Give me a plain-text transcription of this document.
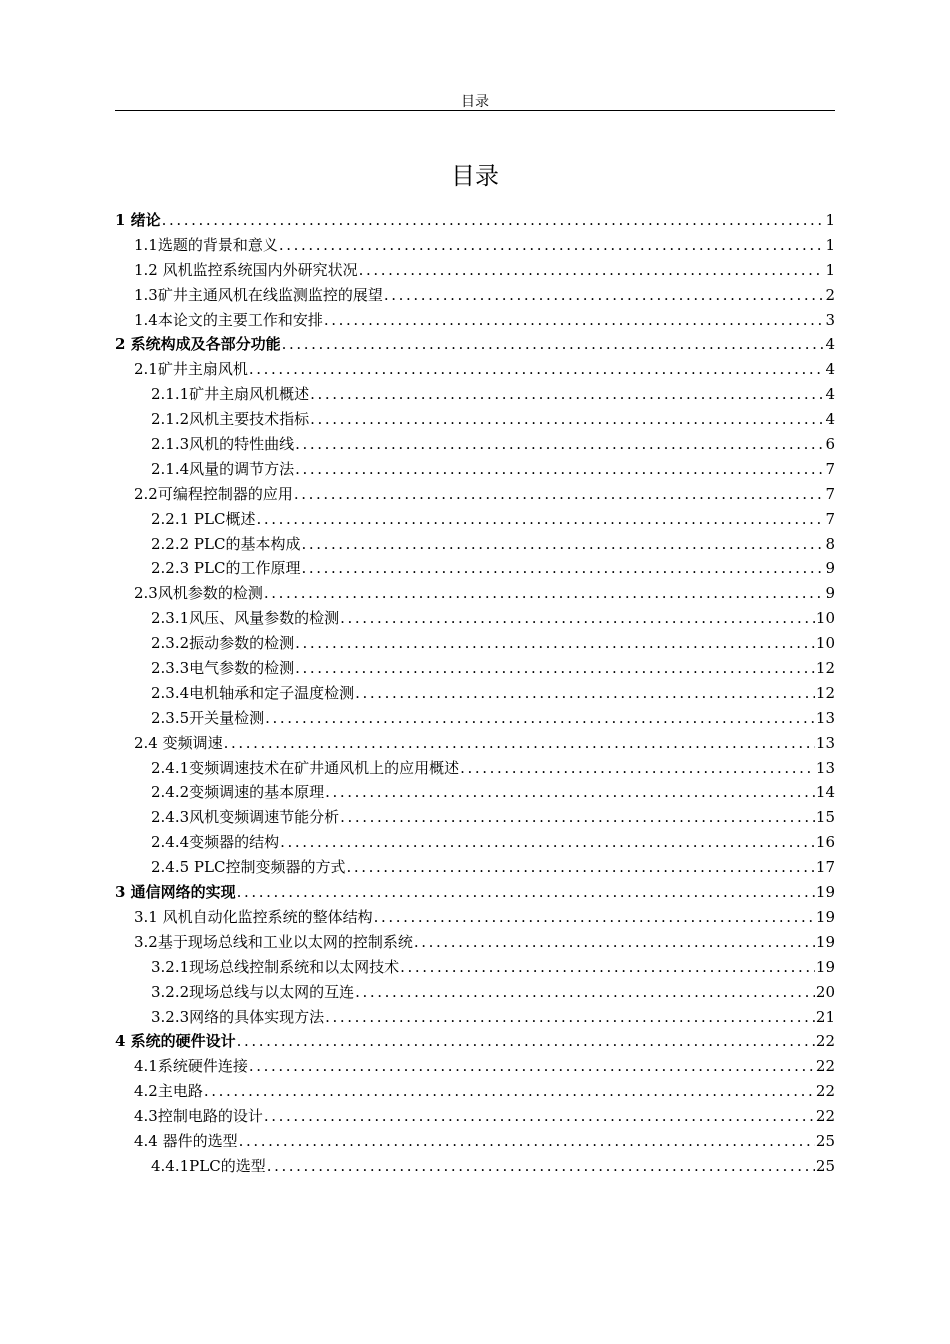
目录
目录
1 绪论 .....	1
1.1选题的背景和意义 .....	1
1.2 风机监控系统国内外研究状况 .....	1
1.3矿井主通风机在线监测监控的展望 .....	2
1.4本论文的主要工作和安排 .....	3
2 系统构成及各部分功能 .....	4
2.1矿井主扇风机 .....	4
2.1.1矿井主扇风机概述 .....	4
2.1.2风机主要技术指标 .....	4
2.1.3风机的特性曲线 .....	6
2.1.4风量的调节方法 .....	7
2.2可编程控制器的应用 .....	7
2.2.1 PLC概述 .....	7
2.2.2 PLC的基本构成 .....	8
2.2.3 PLC的工作原理 .....	9
2.3风机参数的检测 .....	9
2.3.1风压、风量参数的检测 .....	10
2.3.2振动参数的检测 .....	10
2.3.3电气参数的检测 .....	12
2.3.4电机轴承和定子温度检测 .....	12
2.3.5开关量检测 .....	13
2.4 变频调速 .....	13
2.4.1变频调速技术在矿井通风机上的应用概述 .....	13
2.4.2变频调速的基本原理 .....	14
2.4.3风机变频调速节能分析 .....	15
2.4.4变频器的结构 .....	16
2.4.5 PLC控制变频器的方式 .....	17
3 通信网络的实现 .....	19
3.1 风机自动化监控系统的整体结构 .....	19
3.2基于现场总线和工业以太网的控制系统 .....	19
3.2.1现场总线控制系统和以太网技术 .....	19
3.2.2现场总线与以太网的互连 .....	20
3.2.3网络的具体实现方法 .....	21
4 系统的硬件设计 .....	22
4.1系统硬件连接 .....	22
4.2主电路 .....	22
4.3控制电路的设计 .....	22
4.4 器件的选型 .....	25
4.4.1PLC的选型 .....	25
